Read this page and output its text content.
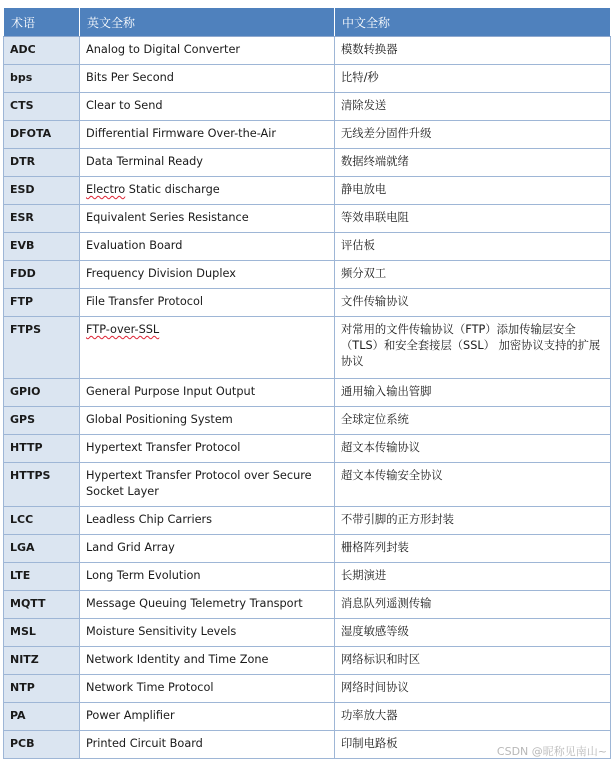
术语	英文全称	中文全称
ADC	Analog to Digital Converter	模数转换器
bps	Bits Per Second	比特/秒
CTS	Clear to Send	清除发送
DFOTA	Differential Firmware Over-the-Air	无线差分固件升级
DTR	Data Terminal Ready	数据终端就绪
ESD	Electro Static discharge	静电放电
ESR	Equivalent Series Resistance	等效串联电阻
EVB	Evaluation Board	评估板
FDD	Frequency Division Duplex	频分双工
FTP	File Transfer Protocol	文件传输协议
FTPS	FTP-over-SSL	对常用的文件传输协议（FTP）添加传输层安全（TLS）和安全套接层（SSL） 加密协议支持的扩展协议
GPIO	General Purpose Input Output	通用输入输出管脚
GPS	Global Positioning System	全球定位系统
HTTP	Hypertext Transfer Protocol	超文本传输协议
HTTPS	Hypertext Transfer Protocol over Secure Socket Layer	超文本传输安全协议
LCC	Leadless Chip Carriers	不带引脚的正方形封装
LGA	Land Grid Array	栅格阵列封装
LTE	Long Term Evolution	长期演进
MQTT	Message Queuing Telemetry Transport	消息队列遥测传输
MSL	Moisture Sensitivity Levels	湿度敏感等级
NITZ	Network Identity and Time Zone	网络标识和时区
NTP	Network Time Protocol	网络时间协议
PA	Power Amplifier	功率放大器
PCB	Printed Circuit Board	印制电路板
CSDN @昵称见南山~
